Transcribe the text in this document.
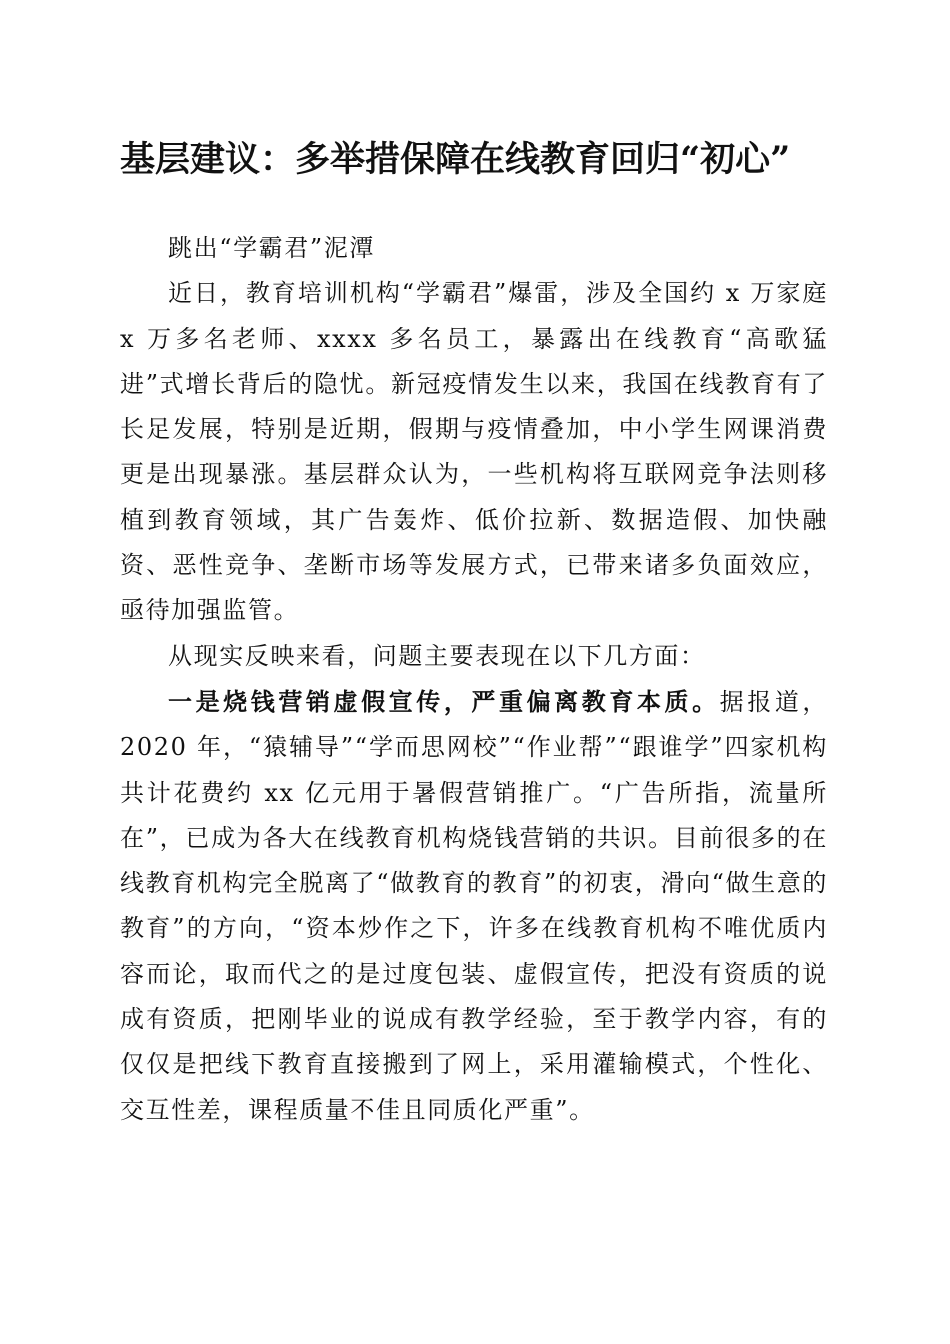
基层建议：多举措保障在线教育回归“初心”

跳出“学霸君”泥潭

近日，教育培训机构“学霸君”爆雷，涉及全国约 x 万家庭 x 万多名老师、xxxx 多名员工，暴露出在线教育“高歌猛进”式增长背后的隐忧。新冠疫情发生以来，我国在线教育有了长足发展，特别是近期，假期与疫情叠加，中小学生网课消费更是出现暴涨。基层群众认为，一些机构将互联网竞争法则移植到教育领域，其广告轰炸、低价拉新、数据造假、加快融资、恶性竞争、垄断市场等发展方式，已带来诸多负面效应，亟待加强监管。

从现实反映来看，问题主要表现在以下几方面：

一是烧钱营销虚假宣传，严重偏离教育本质。据报道，2020 年，“猿辅导”“学而思网校”“作业帮”“跟谁学”四家机构共计花费约 xx 亿元用于暑假营销推广。“广告所指，流量所在”，已成为各大在线教育机构烧钱营销的共识。目前很多的在线教育机构完全脱离了“做教育的教育”的初衷，滑向“做生意的教育”的方向，“资本炒作之下，许多在线教育机构不唯优质内容而论，取而代之的是过度包装、虚假宣传，把没有资质的说成有资质，把刚毕业的说成有教学经验，至于教学内容，有的仅仅是把线下教育直接搬到了网上，采用灌输模式，个性化、交互性差，课程质量不佳且同质化严重”。
